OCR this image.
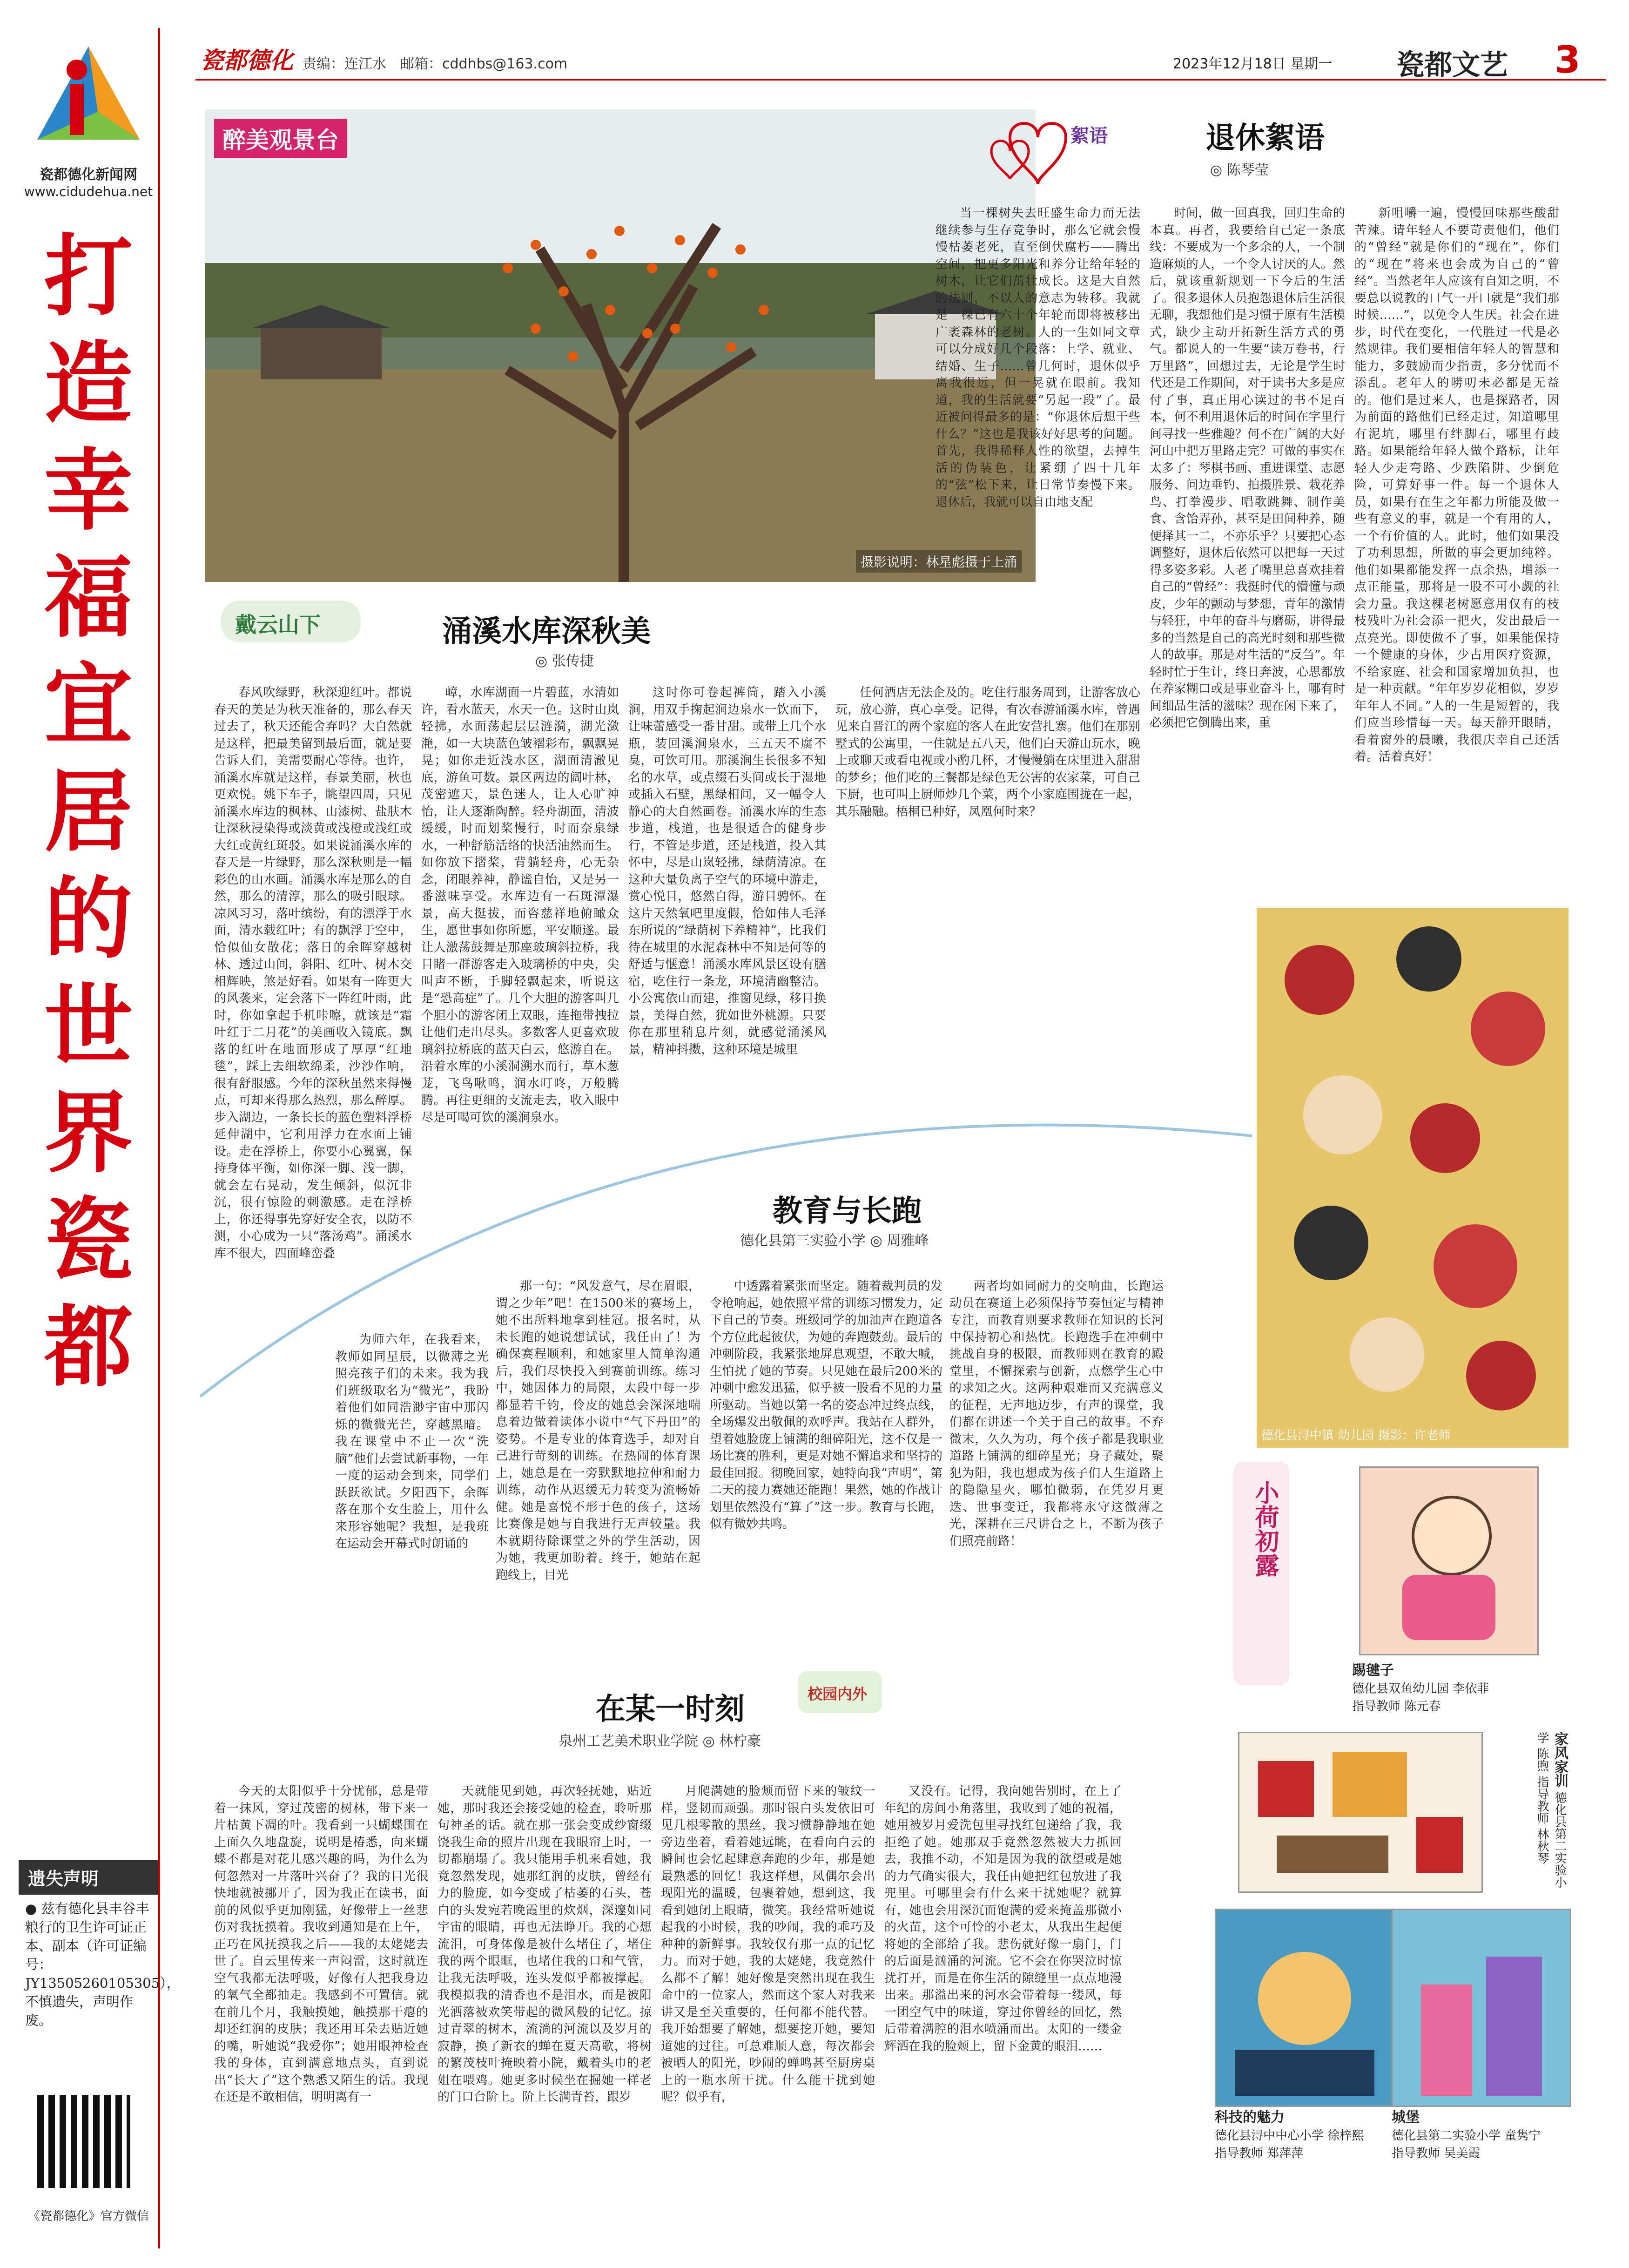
瓷都德化新闻网
www.cidudehua.net
打
造
幸
福
宜
居
的
世
界
瓷
都
遗失声明
● 兹有德化县丰谷丰粮行的卫生许可证正本、副本（许可证编号：JY13505260105305），不慎遗失，声明作废。
《瓷都德化》官方微信
瓷都德化 责编：连江水　邮箱：cddhbs@163.com	2023年12月18日 星期一 瓷都文艺 3
醉美观景台
摄影说明：林星彪摄于上涌
戴云山下	涌溪水库深秋美
◎ 张传捷

春风吹绿野，秋深迎红叶。都说春天的美是为秋天准备的，那么春天过去了，秋天还能舍弃吗？大自然就是这样，把最美留到最后面，就是要告诉人们，美需要耐心等待。也许，涌溪水库就是这样，春景美丽，秋也更欢悦。姚下车子，眺望四周，只见涌溪水库边的枫林、山漆树、盐肤木让深秋浸染得或淡黄或浅橙或浅红或大红或黄红斑驳。如果说涌溪水库的春天是一片绿野，那么深秋则是一幅彩色的山水画。涌溪水库是那么的自然，那么的清淳，那么的吸引眼球。凉风习习，落叶缤纷，有的漂浮于水面，清水载红叶；有的飘浮于空中，恰似仙女散花；落日的余晖穿越树林、透过山间，斜阳、红叶、树木交相辉映，煞是好看。如果有一阵更大的风袭来，定会落下一阵红叶雨，此时，你如拿起手机咔嚓，就该是“霜叶红于二月花”的美画收入镜底。飘落的红叶在地面形成了厚厚“红地毯”，踩上去细软绵柔，沙沙作响，很有舒服感。今年的深秋虽然来得慢点，可却来得那么热烈，那么醉厚。步入湖边，一条长长的蓝色塑料浮桥延伸湖中，它利用浮力在水面上铺设。走在浮桥上，你要小心翼翼，保持身体平衡，如你深一脚、浅一脚，就会左右晃动，发生倾斜，似沉非沉，很有惊险的刺激感。走在浮桥上，你还得事先穿好安全衣，以防不测，小心成为一只“落汤鸡”。涌溪水库不很大，四面峰峦叠

嶂，水库湖面一片碧蓝，水清如许，看水蓝天，水天一色。这时山岚轻拂，水面荡起层层涟漪，湖光潋滟，如一大块蓝色皱褶彩布，飘飘晃晃；如你走近浅水区，湖面清澈见底，游鱼可数。景区两边的阔叶林，茂密遮天，景色迷人，让人心旷神怡，让人逐渐陶醉。轻舟湖面，清波缓缓，时而划桨慢行，时而奈泉绿水，一种舒筋活络的快活油然而生。如你放下摺桨，背躺轻舟，心无杂念，闭眼养神，静谧自怡，又是另一番滋味享受。水库边有一石斑潭瀑景，高大挺拔，而咨慈祥地俯瞰众生，愿世事如你所愿，平安顺遂。最让人激荡鼓舞是那座玻璃斜拉桥，我目睹一群游客走入玻璃桥的中央，尖叫声不断，手脚轻飘起来，听说这是“恐高症”了。几个大胆的游客叫几个胆小的游客闭上双眼，连拖带拽拉让他们走出尽头。多数客人更喜欢玻璃斜拉桥底的蓝天白云，悠游自在。沿着水库的小溪洞溯水而行，草木葱茏，飞鸟啾鸣，润水叮咚，万般腾腾。再往更细的支流走去，收入眼中尽是可喝可饮的溪涧泉水。

这时你可卷起裤筒，踏入小溪涧，用双手掬起涧边泉水一饮而下，让味蕾感受一番甘甜。或带上几个水瓶，装回溪涧泉水，三五天不腐不臭，可饮可用。那溪涧生长很多不知名的水草，或点缀石头间或长于湿地或插入石壁，黑绿相间，又一幅令人静心的大自然画卷。涌溪水库的生态步道，栈道，也是很适合的健身步行，不管是步道，还是栈道，投入其怀中，尽是山岚轻拂，绿荫清凉。在这种大量负离子空气的环境中游走，赏心悦目，悠然自得，游目骋怀。在这片天然氧吧里度假，恰如伟人毛泽东所说的“绿荫树下养精神”，比我们待在城里的水泥森林中不知是何等的舒适与惬意！涌溪水库风景区设有膳宿，吃住行一条龙，环境清幽整洁。小公寓依山而建，推窗见绿，移目换景，美得自然，犹如世外桃源。只要你在那里稍息片刻，就感觉涌溪风景，精神抖擞，这种环境是城里

任何酒店无法企及的。吃住行服务周到，让游客放心玩，放心游，真心享受。记得，有次春游涌溪水库，曾遇见来自晋江的两个家庭的客人在此安营扎寨。他们在那别墅式的公寓里，一住就是五八天，他们白天游山玩水，晚上或聊天或看电视或小酌几杯，才慢慢躺在床里进入甜甜的梦乡；他们吃的三餐都是绿色无公害的农家菜，可自己下厨，也可叫上厨师炒几个菜，两个小家庭围拢在一起，其乐融融。梧桐已种好，凤凰何时来？

絮语	退休絮语
◎ 陈琴莹

当一棵树失去旺盛生命力而无法继续参与生存竞争时，那么它就会慢慢枯萎老死，直至倒伏腐朽——腾出空间，把更多阳光和养分让给年轻的树木，让它们茁壮成长。这是大自然的法则，不以人的意志为转移。我就是一棵已有六十个年轮而即将被移出广袤森林的老树。人的一生如同文章可以分成好几个段落：上学、就业、结婚、生子……曾几何时，退休似乎离我很远，但一晃就在眼前。我知道，我的生活就要“另起一段”了。最近被问得最多的是：“你退休后想干些什么？”这也是我该好好思考的问题。首先，我得稀释人性的欲望，去掉生活的伪装色，让紧绷了四十几年的“弦”松下来，让日常节奏慢下来。退休后，我就可以自由地支配

时间，做一回真我，回归生命的本真。再者，我要给自己定一条底线：不要成为一个多余的人，一个制造麻烦的人，一个令人讨厌的人。然后，就该重新规划一下今后的生活了。很多退休人员抱怨退休后生活很无聊，我想他们是习惯于原有生活模式，缺少主动开拓新生活方式的勇气。都说人的一生要“读万卷书，行万里路”，回想过去，无论是学生时代还是工作期间，对于读书大多是应付了事，真正用心读过的书不足百本，何不利用退休后的时间在字里行间寻找一些雅趣？何不在广阔的大好河山中把万里路走完？可做的事实在太多了：琴棋书画、重进课堂、志愿服务、问边垂钓、拍摄胜景、栽花养鸟、打拳漫步、唱歌跳舞、制作美食、含饴弄孙，甚至是田间种养，随便择其一二，不亦乐乎？只要把心态调整好，退休后依然可以把每一天过得多姿多彩。人老了嘴里总喜欢挂着自己的“曾经”：我挺时代的懵懂与顽皮，少年的颤动与梦想，青年的激情与轻狂，中年的奋斗与磨砺，讲得最多的当然是自己的高光时刻和那些微人的故事。那是对生活的“反刍”。年轻时忙于生计，终日奔波，心思都放在养家糊口或是事业奋斗上，哪有时间细品生活的滋味？现在闲下来了，必须把它倒腾出来，重

新咀嚼一遍，慢慢回味那些酸甜苦辣。请年轻人不要苛责他们，他们的“曾经”就是你们的“现在”，你们的“现在”将来也会成为自己的“曾经”。当然老年人应该有自知之明，不要总以说教的口气一开口就是“我们那时候……”，以免令人生厌。社会在进步，时代在变化，一代胜过一代是必然规律。我们要相信年轻人的智慧和能力，多鼓励而少指责，多分忧而不添乱。老年人的唠叨未必都是无益的。他们是过来人，也是探路者，因为前面的路他们已经走过，知道哪里有泥坑，哪里有绊脚石，哪里有歧路。如果能给年轻人做个路标，让年轻人少走弯路、少跌陷阱、少倒危险，可算好事一件。每一个退休人员，如果有在生之年都力所能及做一些有意义的事，就是一个有用的人，一个有价值的人。此时，他们如果没了功利思想，所做的事会更加纯粹。他们如果都能发挥一点余热，增添一点正能量，那将是一股不可小觑的社会力量。我这棵老树愿意用仅有的枝枝残叶为社会添一把火，发出最后一点亮光。即使做不了事，如果能保持一个健康的身体，少占用医疗资源，不给家庭、社会和国家增加负担，也是一种贡献。“年年岁岁花相似，岁岁年年人不同。”人的一生是短暂的，我们应当珍惜每一天。每天静开眼睛，看着窗外的晨曦，我很庆幸自己还活着。活着真好！

德化县浔中镇 幼儿园 摄影：许老师
教育与长跑
德化县第三实验小学 ◎ 周雅峰

为师六年，在我看来，教师如同星辰，以微薄之光照亮孩子们的未来。我为我们班级取名为“微光”，我盼着他们如同浩渺宇宙中那闪烁的微微光芒，穿越黑暗。我在课堂中不止一次“洗脑”他们去尝试新事物，一年一度的运动会到来，同学们跃跃欲试。夕阳西下，余晖落在那个女生脸上，用什么来形容她呢？我想，是我班在运动会开幕式时朗诵的

那一句：“风发意气，尽在眉眼，谓之少年”吧！在1500米的赛场上，她不出所料地拿到桂冠。报名时，从未长跑的她说想试试，我任由了！为确保赛程顺利，和她家里人简单沟通后，我们尽快投入到赛前训练。练习中，她因体力的局限，太段中每一步都显若千钧，伶皮的她总会深深地喘息着边做着读体小说中“气下丹田”的姿势。不是专业的体育选手，却对自己进行苛刻的训练。在热闹的体育课上，她总是在一旁默默地拉伸和耐力训练，动作从迟缓无力转变为流畅娇健。她是喜悦不形于色的孩子，这场比赛像是她与自我进行无声较量。我本就期待除课堂之外的学生活动，因为她，我更加盼着。终于，她站在起跑线上，目光

中透露着紧张而坚定。随着裁判员的发令枪响起，她依照平常的训练习惯发力，定下自己的节奏。班级同学的加油声在跑道各个方位此起彼伏，为她的奔跑鼓劲。最后的冲刺阶段，我紧张地屏息观望，不敢大喊，生怕扰了她的节奏。只见她在最后200米的冲刺中愈发迅猛，似乎被一股看不见的力量所驱动。当她以第一名的姿态冲过终点线，全场爆发出敬佩的欢呼声。我站在人群外，望着她脸庞上铺满的细碎阳光，这不仅是一场比赛的胜利，更是对她不懈追求和坚持的最佳回报。彻晚回家，她特向我“声明”，第二天的接力赛她还能跑！果然，她的作战计划里依然没有“算了”这一步。教育与长跑，似有微妙共鸣。

两者均如同耐力的交响曲，长跑运动员在赛道上必须保持节奏恒定与精神专注，而教育则要求教师在知识的长河中保持初心和热忱。长跑选手在冲刺中挑战自身的极限，而教师则在教育的殿堂里，不懈探索与创新，点燃学生心中的求知之火。这两种艰难而又充满意义的征程，无声地迈步，有声的课堂，我们都在讲述一个关于自己的故事。不弃微末，久久为功，每个孩子都是我职业道路上铺满的细碎星光；身子藏处，聚犯为阳，我也想成为孩子们人生道路上的隐隐星火，哪怕微弱，在凭岁月更迭、世事变迁，我都将永守这微薄之光，深耕在三尺讲台之上，不断为孩子们照亮前路！

校园内外
在某一时刻
泉州工艺美术职业学院 ◎ 林柠豪

今天的太阳似乎十分忧郁，总是带着一抹风，穿过茂密的树林，带下来一片枯黄下凋的叶。我看到一只蝴蝶围在上面久久地盘旋，说明是椿悉，向来蝴蝶不都是对花儿感兴趣的吗，为什么为何忽然对一片落叶兴奋了？我的目光很快地就被挪开了，因为我正在读书，面前的风似乎更加刚猛，好像带上一丝悲伤对我抚摸着。我收到通知是在上午，正巧在风抚摸我之后——我的太姥姥去世了。自云里传来一声闷雷，这时就连空气我都无法呼吸，好像有人把我身边的氧气全都抽走。我感到不可置信。就在前几个月，我触摸她，触摸那干瘪的却还红润的皮肤；我还用耳朵去贴近她的嘴，听她说“我爱你”；她用眼神检查我的身体，直到满意地点头，直到说出“长大了”这个熟悉又陌生的话。我现在还是不敢相信，明明离有一

天就能见到她，再次轻抚她，贴近她，那时我还会接受她的检查，聆听那句神圣的话。就在那一张会变成纱窗缀饶我生命的照片出现在我眼帘上时，一切都崩塌了。我只能用手机来看她，我竟忽然发现，她那红润的皮肤，曾经有力的脸庞，如今变成了枯萎的石头，苍白的头发宛若晚霞里的炊烟，深邃如同宇宙的眼睛，再也无法睁开。我的心想流泪，可身体像是被什么堵住了，堵住我的两个眼眶，也堵住我的口和气管，让我无法呼吸，连头发似乎都被撑起。我模拟我的清香也不是泪水，而是被阳光洒落被欢笑带起的微风般的记忆。掠过青翠的树木，流淌的河流以及岁月的寂静，换了新衣的蝉在夏天高歌，将树的繁茂枝叶掩映着小院，戴着头巾的老姐在喂鸡。她更多时候坐在掘她一样老的门口台阶上。阶上长满青苔，跟岁

月爬满她的脸颊而留下来的皱纹一样，竖韧而顽强。那时银白头发依旧可见几根零散的黑丝，我习惯静静地在她旁边坐着，看着她远眺，在看向白云的瞬间也会忆起肆意奔跑的少年，那是她最熟悉的回忆！我这样想，凤偶尔会出现阳光的温暖，包裹着她，想到这，我看到她闭上眼睛，微笑。我经常听她说起我的小时候，我的吵闹，我的乖巧及种种的新鲜事。我较仅有那一点的记忆力。而对于她，我的太姥姥，我竟然什么都不了解！她好像是突然出现在我生命中的一位家人，然而这个家人对我来讲又是至关重要的，任何都不能代替。我开始想要了解她，想要挖开她，要知道她的过往。可总难顺人意，每次都会被晒人的阳光，吵闹的蝉鸣甚至厨房桌上的一瓶水所干扰。什么能干扰到她呢？似乎有，

又没有。记得，我向她告别时，在上了年纪的房间小角落里，我收到了她的祝福，她用被岁月爱洗包里寻找红包递给了我，我拒绝了她。她那双手竟然忽然被大力抓回去，我推不动，不知是因为我的欲望或是她的力气确实很大，我任由她把红包放进了我兜里。可哪里会有什么来干扰她呢？就算有，她也会用深沉而饱满的爱来掩盖那微小的火苗，这个可怜的小老太，从我出生起便将她的全部给了我。悲伤就好像一扇门，门的后面是汹涌的河流。它不会在你哭泣时惊扰打开，而是在你生活的隙缝里一点点地漫出来。那溢出来的河水会带着每一缕风，每一团空气中的味道，穿过你曾经的回忆，然后带着满腔的泪水喷涌而出。太阳的一缕金辉洒在我的脸颊上，留下金黄的眼泪……

小荷初露
踢毽子
德化县双鱼幼儿园 李依菲
指导教师 陈元春
家风家训 德化县第二实验小学 陈煦 指导教师 林秋琴
科技的魅力
德化县浔中中心小学 徐梓熙
指导教师 郑萍萍
城堡
德化县第二实验小学 童隽宁
指导教师 吴美霞
